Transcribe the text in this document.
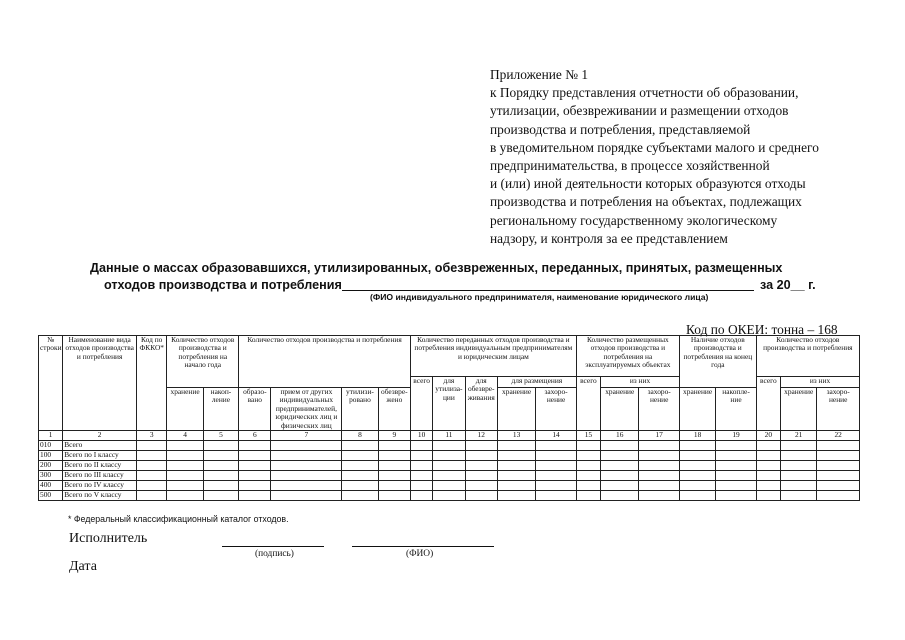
Приложение № 1
к Порядку представления отчетности об образовании,
утилизации, обезвреживании и размещении отходов
производства и потребления, представляемой
в уведомительном порядке субъектами малого и среднего
предпринимательства, в процессе хозяйственной
и (или) иной деятельности которых образуются отходы
производства и потребления на объектах, подлежащих
региональному государственному экологическому
надзору, и контроля за ее представлением
Данные о массах образовавшихся, утилизированных, обезвреженных, переданных, принятых, размещенных
отходов производства и потребления	за 20__ г.
(ФИО индивидуального предпринимателя, наименование юридического лица)
Код по ОКЕИ: тонна – 168
№ строки	Наименование вида отходов производства и потребления	Код по ФККО*	Количество отходов производства и потребления на начало года		Количество отходов производства и потребления				Количество переданных отходов производства и потребления индивидуальным предпринимателям и юридическим лицам					Количество размещенных отходов производства и потребления на эксплуатируемых объектах			Наличие отходов производства и потребления на конец года		Количество отходов производства и потребления		
									всего	для утилиза-ции	для обезвре-живания	для размещения		всего	из них				всего	из них	
			хранение	накоп-ление	образо-вано	прием от других индивидуальных предпринимателей, юридических лиц и физических лиц	утилизи-ровано	обезвре-жено				хранение	захоро-нение		хранение	захоро-нение	хранение	накопле-ние		хранение	захоро-нение
1	2	3	4	5	6	7	8	9	10	11	12	13	14	15	16	17	18	19	20	21	22
010	Всего																				
100	Всего по I классу																				
200	Всего по II классу																				
300	Всего по III классу																				
400	Всего по IV классу																				
500	Всего по V классу																				
* Федеральный классификационный каталог отходов.
Исполнитель
(подпись)	(ФИО)
Дата
